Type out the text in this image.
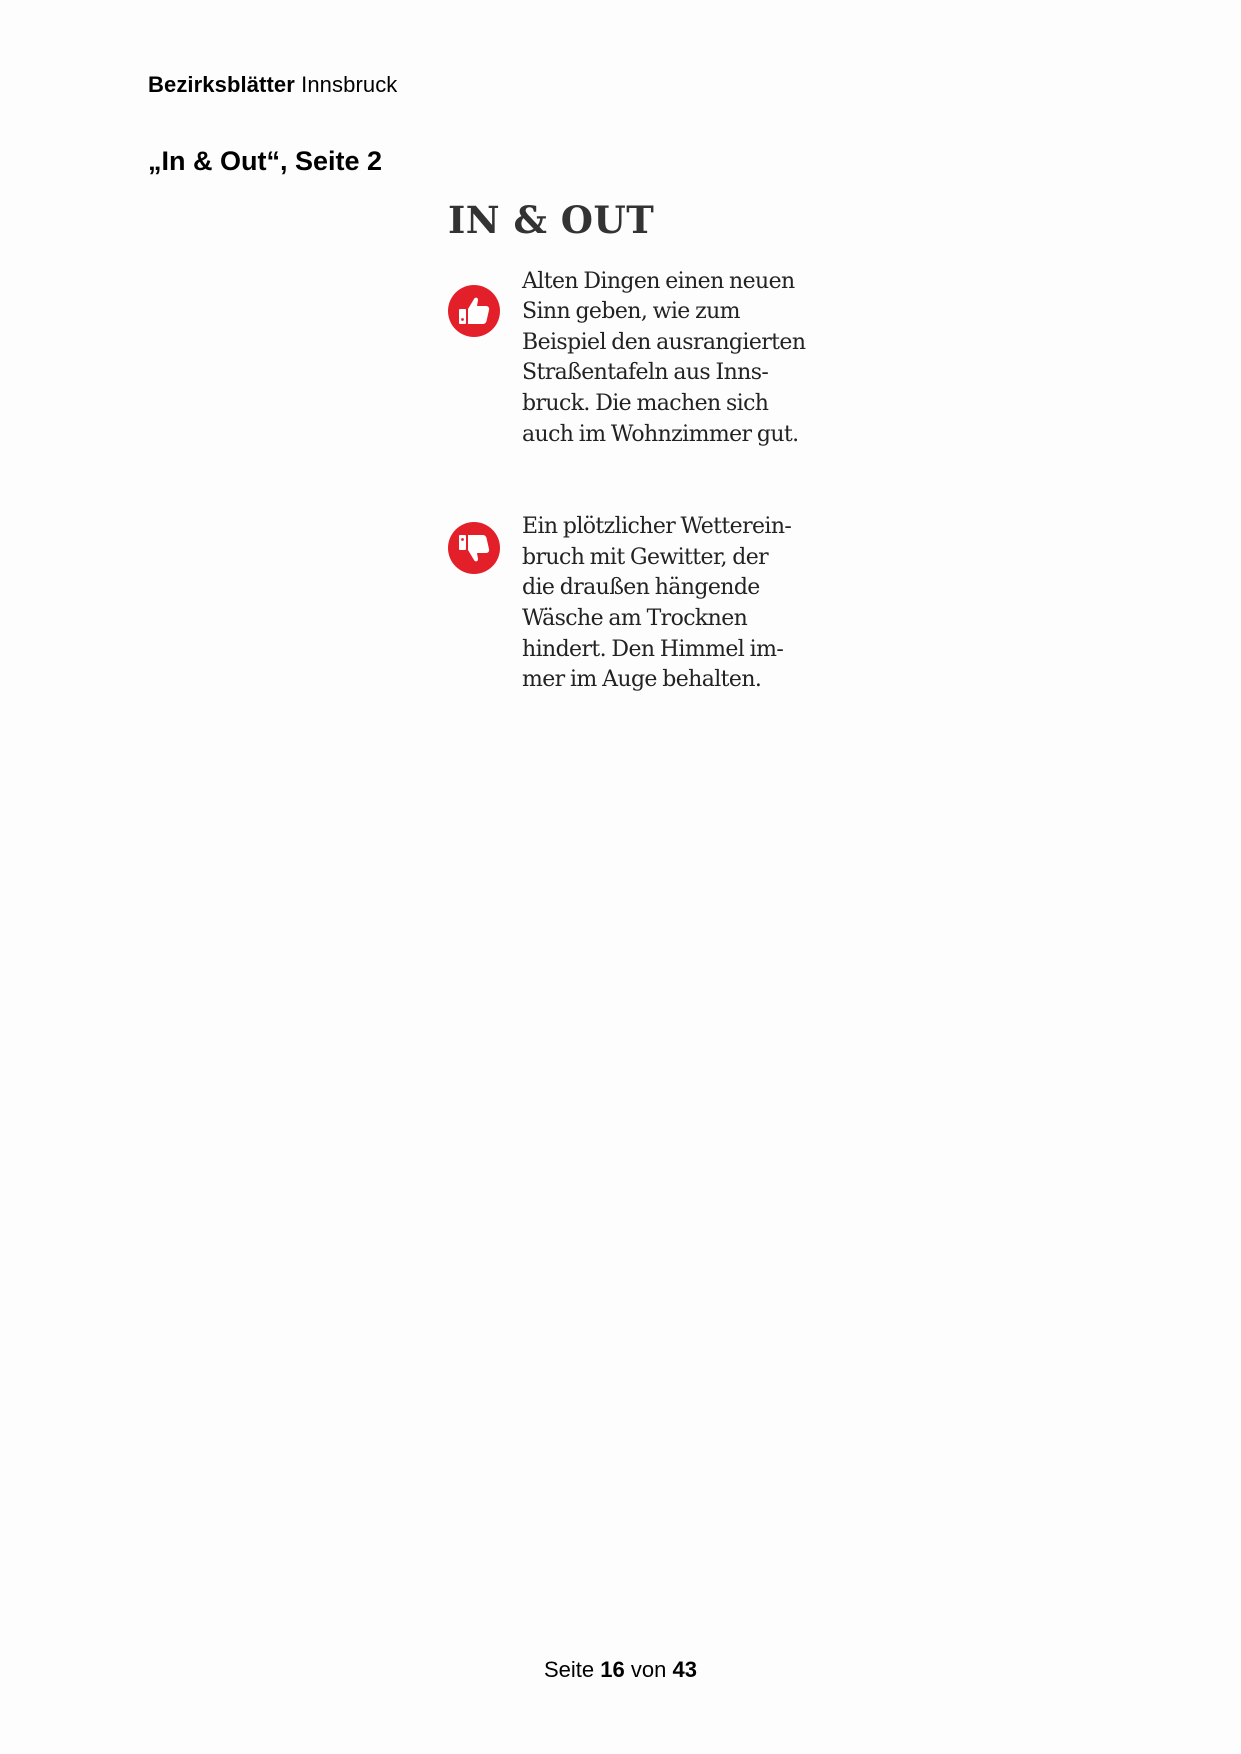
Bezirksblätter Innsbruck
„In & Out“, Seite 2
IN & OUT
Alten Dingen einen neuen
Sinn geben, wie zum
Beispiel den ausrangierten
Straßentafeln aus Inns-
bruck. Die machen sich
auch im Wohnzimmer gut.
Ein plötzlicher Wetterein-
bruch mit Gewitter, der
die draußen hängende
Wäsche am Trocknen
hindert. Den Himmel im-
mer im Auge behalten.
Seite 16 von 43
